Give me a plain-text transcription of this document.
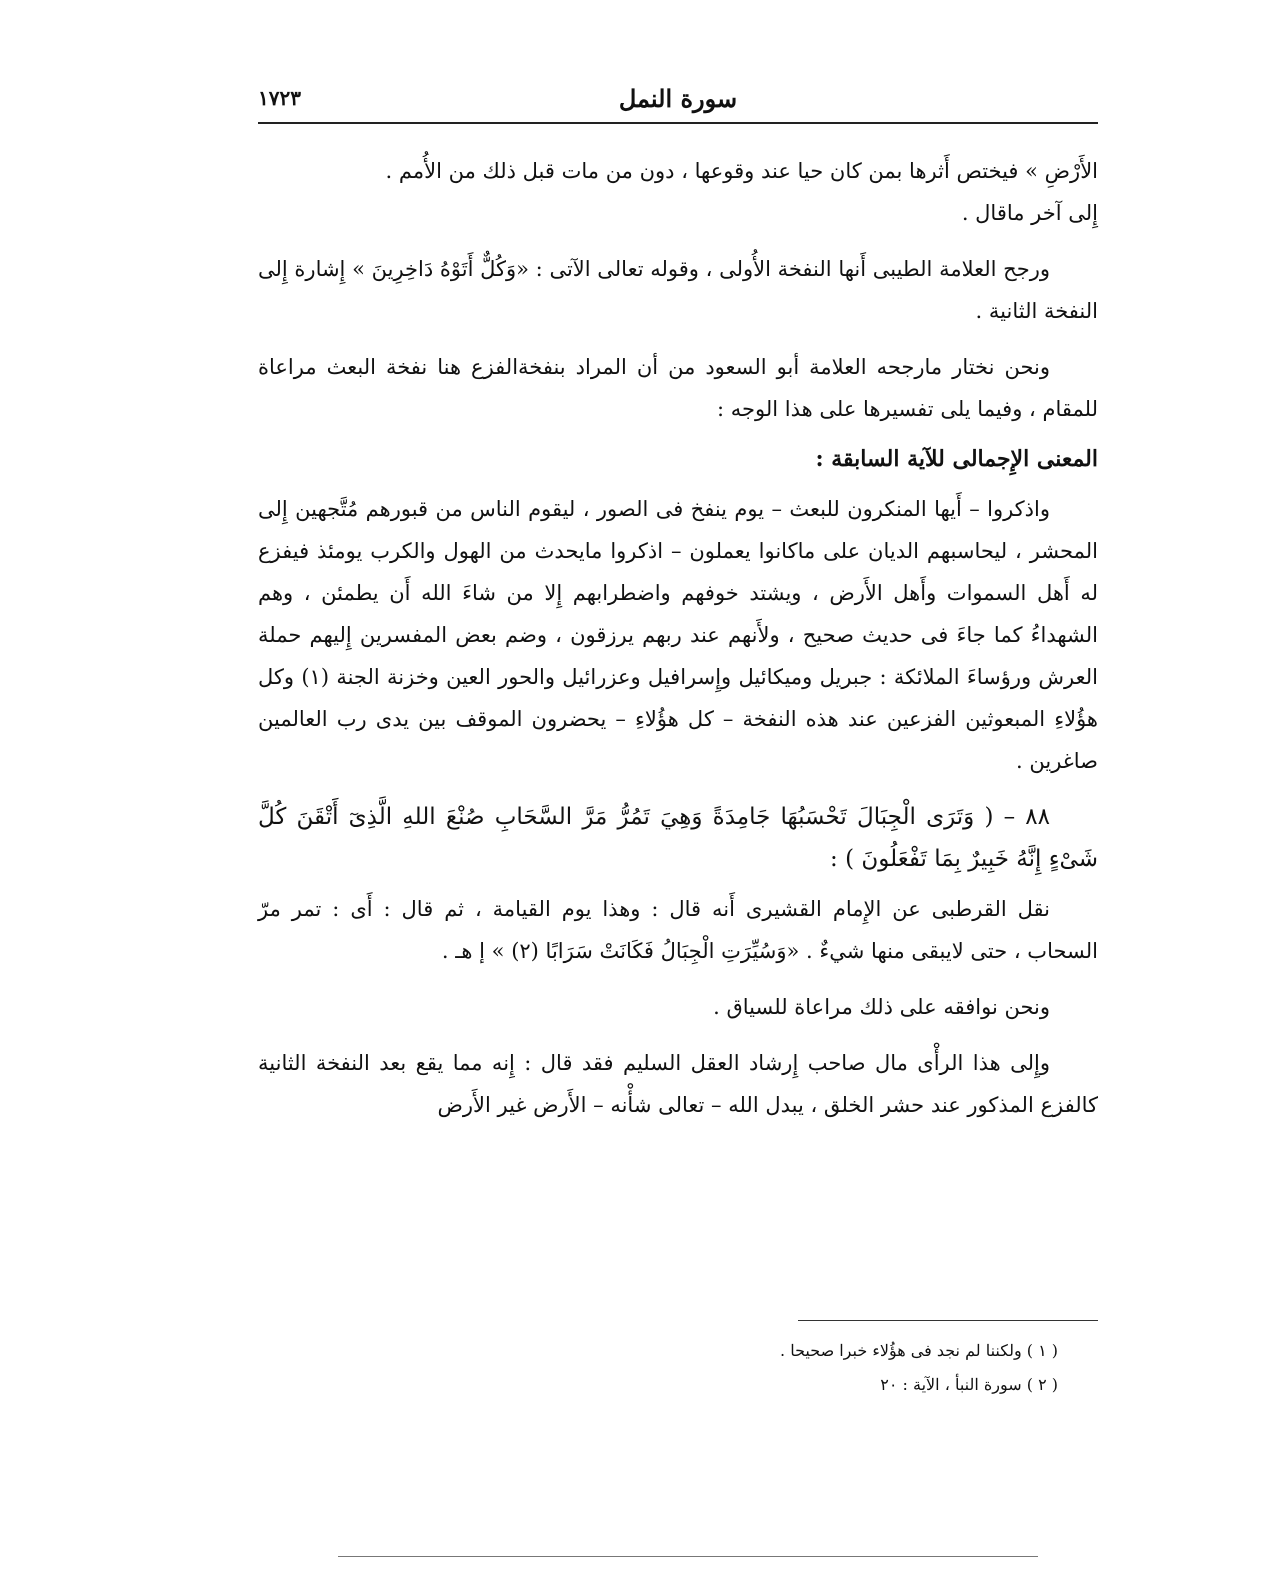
سورة النمل
١٧٢٣

الأَرْضِ » فيختص أَثرها بمن كان حيا عند وقوعها ، دون من مات قبل ذلك من الأُمم .

إِلى آخر ماقال .

ورجح العلامة الطيبى أَنها النفخة الأُولى ، وقوله تعالى الآتى : «وَكُلٌّ أَتَوْهُ دَاخِرِينَ » إِشارة إِلى النفخة الثانية .

ونحن نختار مارجحه العلامة أبو السعود من أن المراد بنفخةالفزع هنا نفخة البعث مراعاة للمقام ، وفيما يلى تفسيرها على هذا الوجه :

المعنى الإِجمالى للآية السابقة :

واذكروا – أَيها المنكرون للبعث – يوم ينفخ فى الصور ، ليقوم الناس من قبورهم مُتَّجهين إِلى المحشر ، ليحاسبهم الديان على ماكانوا يعملون – اذكروا مايحدث من الهول والكرب يومئذ فيفزع له أَهل السموات وأَهل الأَرض ، ويشتد خوفهم واضطرابهم إِلا من شاءَ الله أَن يطمئن ، وهم الشهداءُ كما جاءَ فى حديث صحيح ، ولأَنهم عند ربهم يرزقون ، وضم بعض المفسرين إِليهم حملة العرش ورؤساءَ الملائكة : جبريل وميكائيل وإِسرافيل وعزرائيل والحور العين وخزنة الجنة (١) وكل هؤُلاءِ المبعوثين الفزعين عند هذه النفخة – كل هؤُلاءِ – يحضرون الموقف بين يدى رب العالمين صاغرين .

٨٨ – ( وَتَرَى الْجِبَالَ تَحْسَبُهَا جَامِدَةً وَهِيَ تَمُرُّ مَرَّ السَّحَابِ صُنْعَ اللهِ الَّذِىٓ أَتْقَنَ كُلَّ شَىْءٍ إِنَّهُ خَبِيرٌ بِمَا تَفْعَلُونَ ) :

نقل القرطبى عن الإِمام القشيرى أَنه قال : وهذا يوم القيامة ، ثم قال : أَى : تمر مرّ السحاب ، حتى لايبقى منها شيءٌ . «وَسُيِّرَتِ الْجِبَالُ فَكَانَتْ سَرَابًا (٢) » إ هـ .

ونحن نوافقه على ذلك مراعاة للسياق .

وإِلى هذا الرأْى مال صاحب إِرشاد العقل السليم فقد قال : إِنه مما يقع بعد النفخة الثانية كالفزع المذكور عند حشر الخلق ، يبدل الله – تعالى شأْنه – الأَرض غير الأَرض

( ١ ) ولكننا لم نجد فى هؤُلاء خبرا صحيحا .

( ٢ ) سورة النبأ ، الآية : ٢٠
